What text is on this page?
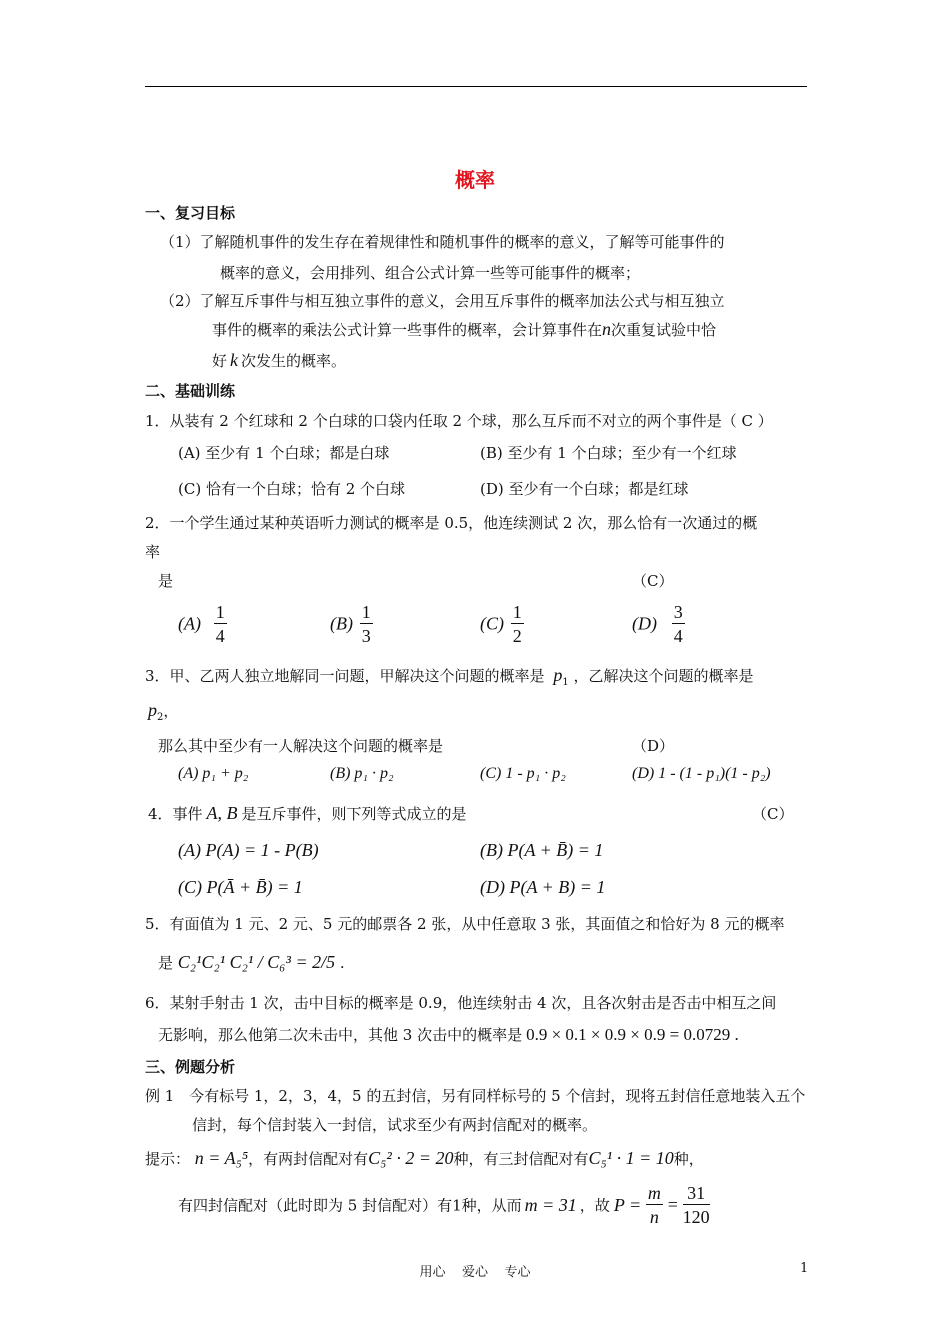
概率
一、复习目标
（1）了解随机事件的发生存在着规律性和随机事件的概率的意义，了解等可能事件的
概率的意义，会用排列、组合公式计算一些等可能事件的概率；
（2）了解互斥事件与相互独立事件的意义，会用互斥事件的概率加法公式与相互独立
事件的概率的乘法公式计算一些事件的概率，会计算事件在n次重复试验中恰
好 k 次发生的概率。
二、基础训练
1．从装有 2 个红球和 2 个白球的口袋内任取 2 个球，那么互斥而不对立的两个事件是（ C ）
(A) 至少有 1 个白球；都是白球	(B) 至少有 1 个白球；至少有一个红球
(C) 恰有一个白球；恰有 2 个白球	(D) 至少有一个白球；都是红球
2．一个学生通过某种英语听力测试的概率是 0.5，他连续测试 2 次，那么恰有一次通过的概
率
是	（C）
$(A) \frac{1}{4}$	$(B) \frac{1}{3}$	$(C) \frac{1}{2}$	$(D) \frac{3}{4}$
3．甲、乙两人独立地解同一问题，甲解决这个问题的概率是 $p_1$ ，乙解决这个问题的概率是
$p_2$，
那么其中至少有一人解决这个问题的概率是	（D）
(A) p₁ + p₂	(B) p₁ · p₂	(C) 1 - p₁ · p₂	(D) 1 - (1 - p₁)(1 - p₂)
4．事件 A, B 是互斥事件，则下列等式成立的是	（C）
(A) P(A) = 1 - P(B)	(B) P(A + B̄) = 1
(C) P(Ā + B̄) = 1	(D) P(A + B) = 1
5．有面值为 1 元、2 元、5 元的邮票各 2 张，从中任意取 3 张，其面值之和恰好为 8 元的概率
是 C₂¹C₂¹ C₂¹ / C₆³ = 2/5 .
6．某射手射击 1 次，击中目标的概率是 0.9，他连续射击 4 次，且各次射击是否击中相互之间
无影响，那么他第二次未击中，其他 3 次击中的概率是 0.9 × 0.1 × 0.9 × 0.9 = 0.0729 .
三、例题分析
例 1 今有标号 1，2，3，4，5 的五封信，另有同样标号的 5 个信封，现将五封信任意地装入五个
信封，每个信封装入一封信，试求至少有两封信配对的概率。
提示： n = A₅⁵，有两封信配对有C₅² · 2 = 20种，有三封信配对有C₅¹ · 1 = 10种，
有四封信配对（此时即为 5 封信配对）有1种，从而 m = 31 ，故 $P = \frac{m}{n} = \frac{31}{120}$
用心    爱心    专心	1
